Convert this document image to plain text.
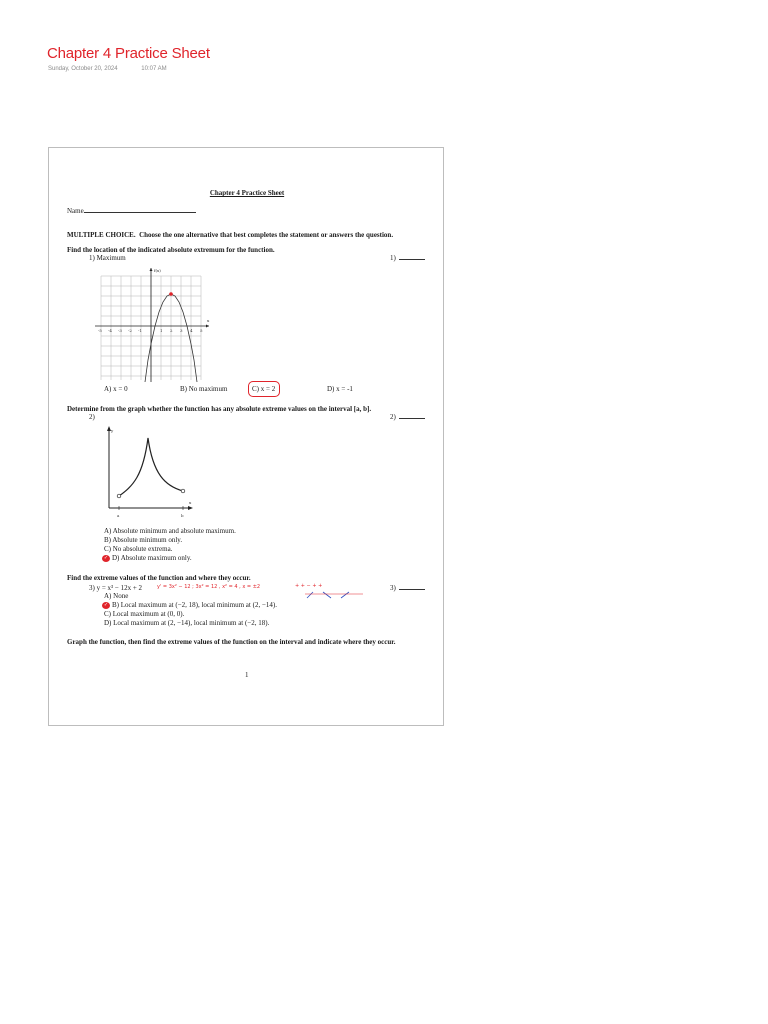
Chapter 4 Practice Sheet
Sunday, October 20, 2024	10:07 AM
Chapter 4 Practice Sheet
Name
MULTIPLE CHOICE. Choose the one alternative that best completes the statement or answers the question.
Find the location of the indicated absolute extremum for the function.
1) Maximum	1)
f(x)
-5 -4 -3 -2 -1	1 2 3 4 5
x
A) x = 0	B) No maximum	C) x = 2	D) x = -1
Determine from the graph whether the function has any absolute extreme values on the interval [a, b].
2)	2)
a	b
x
y
A) Absolute minimum and absolute maximum.
B) Absolute minimum only.
C) No absolute extrema.
✓ D) Absolute maximum only.
Find the extreme values of the function and where they occur.
3) y = x³ − 12x + 2	y' = 3x² − 12 ; 3x² = 12 , x² = 4 , x = ±2	+ + − + +	3)
A) None
✓ B) Local maximum at (−2, 18), local minimum at (2, −14).
C) Local maximum at (0, 0).
D) Local maximum at (2, −14), local minimum at (−2, 18).
Graph the function, then find the extreme values of the function on the interval and indicate where they occur.
1
